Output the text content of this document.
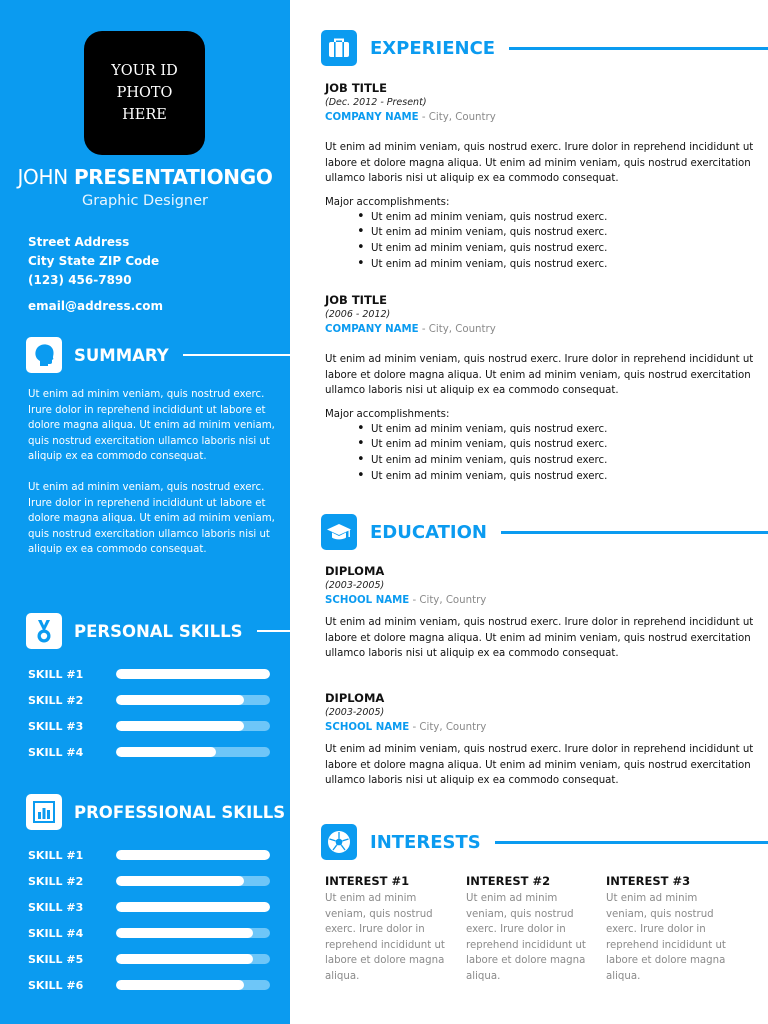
YOUR ID
PHOTO
HERE
JOHN PRESENTATIONGO
Graphic Designer
Street Address
City State ZIP Code
(123) 456-7890
email@address.com
SUMMARY

Ut enim ad minim veniam, quis nostrud exerc. Irure dolor in reprehend incididunt ut labore et dolore magna aliqua. Ut enim ad minim veniam, quis nostrud exercitation ullamco laboris nisi ut aliquip ex ea commodo consequat.

Ut enim ad minim veniam, quis nostrud exerc. Irure dolor in reprehend incididunt ut labore et dolore magna aliqua. Ut enim ad minim veniam, quis nostrud exercitation ullamco laboris nisi ut aliquip ex ea commodo consequat.

PERSONAL SKILLS
SKILL #1
SKILL #2
SKILL #3
SKILL #4
PROFESSIONAL SKILLS
SKILL #1
SKILL #2
SKILL #3
SKILL #4
SKILL #5
SKILL #6
EXPERIENCE
JOB TITLE
(Dec. 2012 - Present)
COMPANY NAME - City, Country

Ut enim ad minim veniam, quis nostrud exerc. Irure dolor in reprehend incididunt ut labore et dolore magna aliqua. Ut enim ad minim veniam, quis nostrud exercitation ullamco laboris nisi ut aliquip ex ea commodo consequat.

Major accomplishments:
• Ut enim ad minim veniam, quis nostrud exerc.
• Ut enim ad minim veniam, quis nostrud exerc.
• Ut enim ad minim veniam, quis nostrud exerc.
• Ut enim ad minim veniam, quis nostrud exerc.
JOB TITLE
(2006 - 2012)
COMPANY NAME - City, Country

Ut enim ad minim veniam, quis nostrud exerc. Irure dolor in reprehend incididunt ut labore et dolore magna aliqua. Ut enim ad minim veniam, quis nostrud exercitation ullamco laboris nisi ut aliquip ex ea commodo consequat.

Major accomplishments:
• Ut enim ad minim veniam, quis nostrud exerc.
• Ut enim ad minim veniam, quis nostrud exerc.
• Ut enim ad minim veniam, quis nostrud exerc.
• Ut enim ad minim veniam, quis nostrud exerc.
EDUCATION
DIPLOMA
(2003-2005)
SCHOOL NAME - City, Country

Ut enim ad minim veniam, quis nostrud exerc. Irure dolor in reprehend incididunt ut labore et dolore magna aliqua. Ut enim ad minim veniam, quis nostrud exercitation ullamco laboris nisi ut aliquip ex ea commodo consequat.

DIPLOMA
(2003-2005)
SCHOOL NAME - City, Country

Ut enim ad minim veniam, quis nostrud exerc. Irure dolor in reprehend incididunt ut labore et dolore magna aliqua. Ut enim ad minim veniam, quis nostrud exercitation ullamco laboris nisi ut aliquip ex ea commodo consequat.

INTERESTS
INTEREST #1

Ut enim ad minim veniam, quis nostrud exerc. Irure dolor in reprehend incididunt ut labore et dolore magna aliqua.

INTEREST #2

Ut enim ad minim veniam, quis nostrud exerc. Irure dolor in reprehend incididunt ut labore et dolore magna aliqua.

INTEREST #3

Ut enim ad minim veniam, quis nostrud exerc. Irure dolor in reprehend incididunt ut labore et dolore magna aliqua.
